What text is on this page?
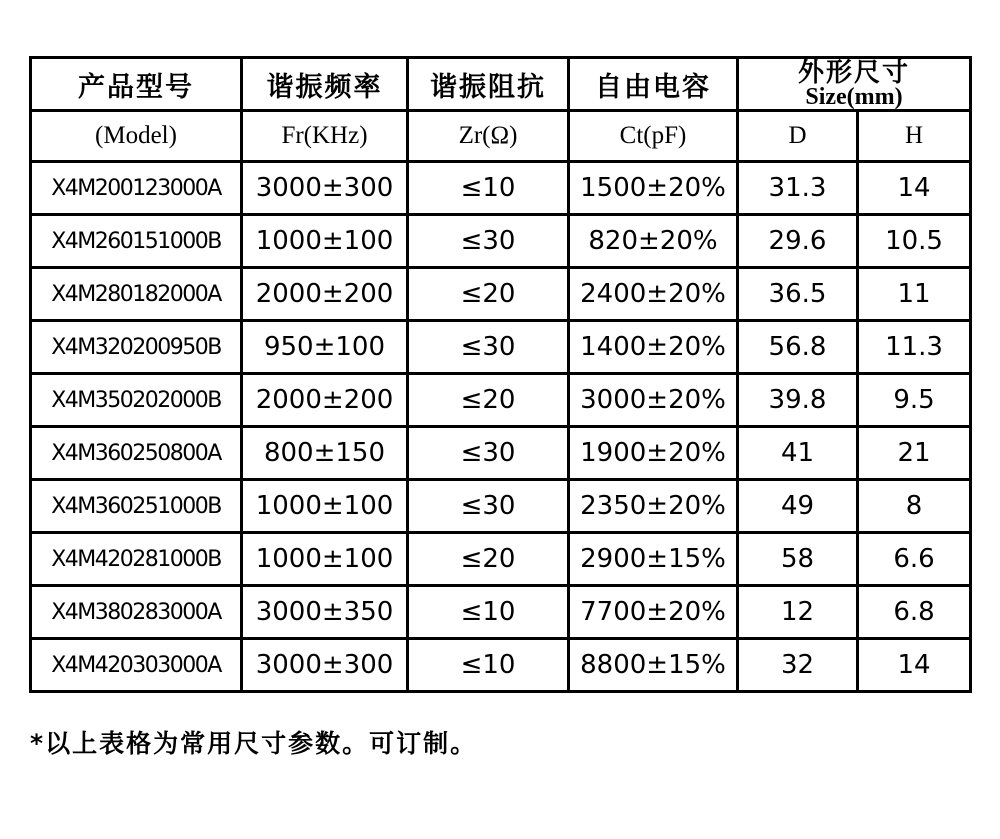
产品型号	谐振频率	谐振阻抗	自由电容	外形尺寸
Size(mm)	

(Model)	Fr(KHz)	Zr(Ω)	Ct(pF)	D	H
X4M200123000A	3000±300	≤10	1500±20%	31.3	14
X4M260151000B	1000±100	≤30	820±20%	29.6	10.5
X4M280182000A	2000±200	≤20	2400±20%	36.5	11
X4M320200950B	950±100	≤30	1400±20%	56.8	11.3
X4M350202000B	2000±200	≤20	3000±20%	39.8	9.5
X4M360250800A	800±150	≤30	1900±20%	41	21
X4M360251000B	1000±100	≤30	2350±20%	49	8
X4M420281000B	1000±100	≤20	2900±15%	58	6.6
X4M380283000A	3000±350	≤10	7700±20%	12	6.8
X4M420303000A	3000±300	≤10	8800±15%	32	14
*以上表格为常用尺寸参数。可订制。
